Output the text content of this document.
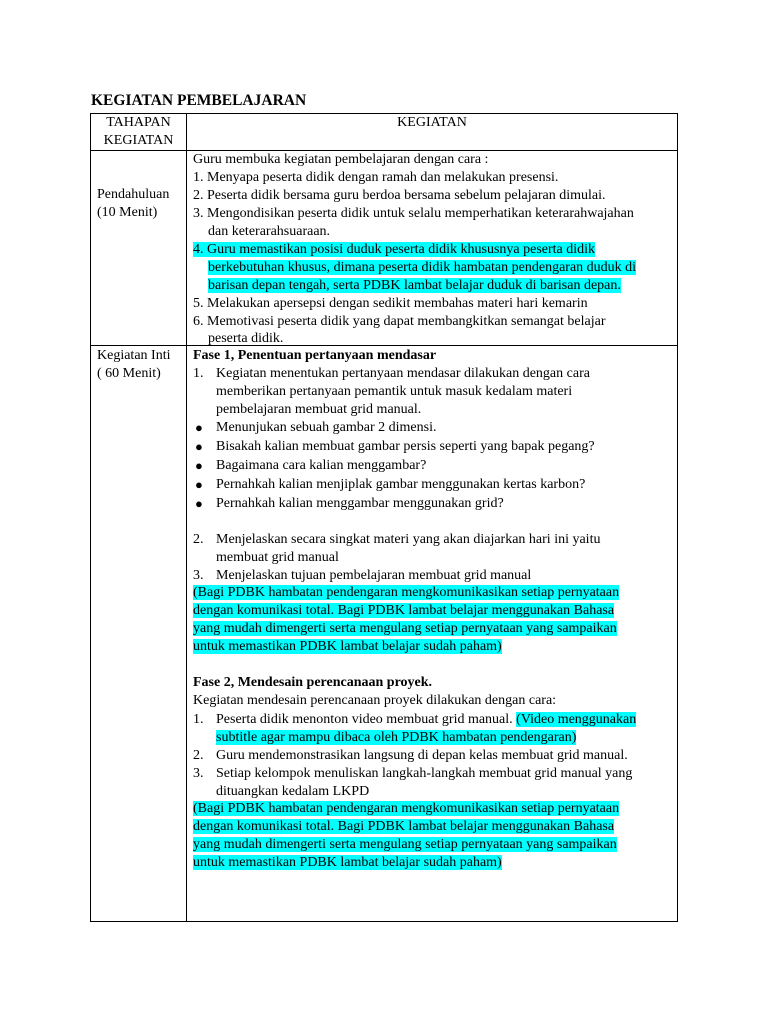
KEGIATAN PEMBELAJARAN
TAHAPAN
KEGIATAN
KEGIATAN
Pendahuluan
(10 Menit)
Guru membuka kegiatan pembelajaran dengan cara :
1. Menyapa peserta didik dengan ramah dan melakukan presensi.
2. Peserta didik bersama guru berdoa bersama sebelum pelajaran dimulai.
3. Mengondisikan peserta didik untuk selalu memperhatikan keterarahwajahan
dan keterarahsuaraan.
4. Guru memastikan posisi duduk peserta didik khususnya peserta didik
berkebutuhan khusus, dimana peserta didik hambatan pendengaran duduk di
barisan depan tengah, serta PDBK lambat belajar duduk di barisan depan.
5. Melakukan apersepsi dengan sedikit membahas materi hari kemarin
6. Memotivasi peserta didik yang dapat membangkitkan semangat belajar
peserta didik.
Kegiatan Inti
( 60 Menit)
Fase 1, Penentuan pertanyaan mendasar
1. Kegiatan menentukan pertanyaan mendasar dilakukan dengan cara
memberikan pertanyaan pemantik untuk masuk kedalam materi
pembelajaran membuat grid manual.
● Menunjukan sebuah gambar 2 dimensi.
● Bisakah kalian membuat gambar persis seperti yang bapak pegang?
● Bagaimana cara kalian menggambar?
● Pernahkah kalian menjiplak gambar menggunakan kertas karbon?
● Pernahkah kalian menggambar menggunakan grid?
2. Menjelaskan secara singkat materi yang akan diajarkan hari ini yaitu
membuat grid manual
3. Menjelaskan tujuan pembelajaran membuat grid manual
(Bagi PDBK hambatan pendengaran mengkomunikasikan setiap pernyataan
dengan komunikasi total. Bagi PDBK lambat belajar menggunakan Bahasa
yang mudah dimengerti serta mengulang setiap pernyataan yang sampaikan
untuk memastikan PDBK lambat belajar sudah paham)
Fase 2, Mendesain perencanaan proyek.
Kegiatan mendesain perencanaan proyek dilakukan dengan cara:
1. Peserta didik menonton video membuat grid manual. (Video menggunakan
subtitle agar mampu dibaca oleh PDBK hambatan pendengaran)
2. Guru mendemonstrasikan langsung di depan kelas membuat grid manual.
3. Setiap kelompok menuliskan langkah-langkah membuat grid manual yang
dituangkan kedalam LKPD
(Bagi PDBK hambatan pendengaran mengkomunikasikan setiap pernyataan
dengan komunikasi total. Bagi PDBK lambat belajar menggunakan Bahasa
yang mudah dimengerti serta mengulang setiap pernyataan yang sampaikan
untuk memastikan PDBK lambat belajar sudah paham)
